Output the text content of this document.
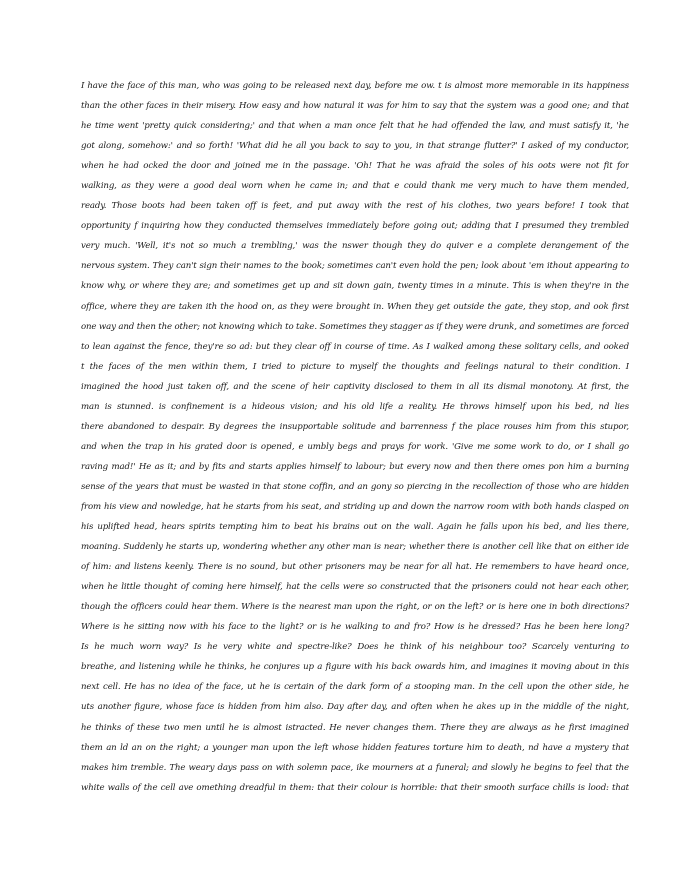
I have the face of this man, who was going to be released next day, before me ow. t is almost more memorable in its happiness
than the other faces in their misery. How easy and how natural it was for him to say that the system was a good one; and that
he time went 'pretty quick considering;' and that when a man once felt that he had offended the law, and must satisfy it, 'he
got along, somehow:' and so forth! 'What did he all you back to say to you, in that strange flutter?' I asked of my conductor,
when he had ocked the door and joined me in the passage. 'Oh! That he was afraid the soles of his oots were not fit for
walking, as they were a good deal worn when he came in; and that e could thank me very much to have them mended,
ready. Those boots had been taken off is feet, and put away with the rest of his clothes, two years before! I took that
opportunity f inquiring how they conducted themselves immediately before going out; adding that I presumed they trembled
very much. 'Well, it's not so much a trembling,' was the nswer though they do quiver e a complete derangement of the
nervous system. They can't sign their names to the book; sometimes can't even hold the pen; look about 'em ithout appearing to
know why, or where they are; and sometimes get up and sit down gain, twenty times in a minute. This is when they're in the
office, where they are taken ith the hood on, as they were brought in. When they get outside the gate, they stop, and ook first
one way and then the other; not knowing which to take. Sometimes they stagger as if they were drunk, and sometimes are forced
to lean against the fence, they're so ad: but they clear off in course of time. As I walked among these solitary cells, and ooked
t the faces of the men within them, I tried to picture to myself the thoughts and feelings natural to their condition. I
imagined the hood just taken off, and the scene of heir captivity disclosed to them in all its dismal monotony. At first, the
man is stunned. is confinement is a hideous vision; and his old life a reality. He throws himself upon his bed, nd lies
there abandoned to despair. By degrees the insupportable solitude and barrenness f the place rouses him from this stupor,
and when the trap in his grated door is opened, e umbly begs and prays for work. 'Give me some work to do, or I shall go
raving mad!' He as it; and by fits and starts applies himself to labour; but every now and then there omes pon him a burning
sense of the years that must be wasted in that stone coffin, and an gony so piercing in the recollection of those who are hidden
from his view and nowledge, hat he starts from his seat, and striding up and down the narrow room with both hands clasped on
his uplifted head, hears spirits tempting him to beat his brains out on the wall. Again he falls upon his bed, and lies there,
moaning. Suddenly he starts up, wondering whether any other man is near; whether there is another cell like that on either ide
of him: and listens keenly. There is no sound, but other prisoners may be near for all hat. He remembers to have heard once,
when he little thought of coming here himself, hat the cells were so constructed that the prisoners could not hear each other,
though the officers could hear them. Where is the nearest man upon the right, or on the left? or is here one in both directions?
Where is he sitting now with his face to the light? or is he walking to and fro? How is he dressed? Has he been here long?
Is he much worn way? Is he very white and spectre-like? Does he think of his neighbour too? Scarcely venturing to
breathe, and listening while he thinks, he conjures up a figure with his back owards him, and imagines it moving about in this
next cell. He has no idea of the face, ut he is certain of the dark form of a stooping man. In the cell upon the other side, he
uts another figure, whose face is hidden from him also. Day after day, and often when he akes up in the middle of the night,
he thinks of these two men until he is almost istracted. He never changes them. There they are always as he first imagined
them an ld an on the right; a younger man upon the left whose hidden features torture him to death, nd have a mystery that
makes him tremble. The weary days pass on with solemn pace, ike mourners at a funeral; and slowly he begins to feel that the
white walls of the cell ave omething dreadful in them: that their colour is horrible: that their smooth surface chills is lood: that
